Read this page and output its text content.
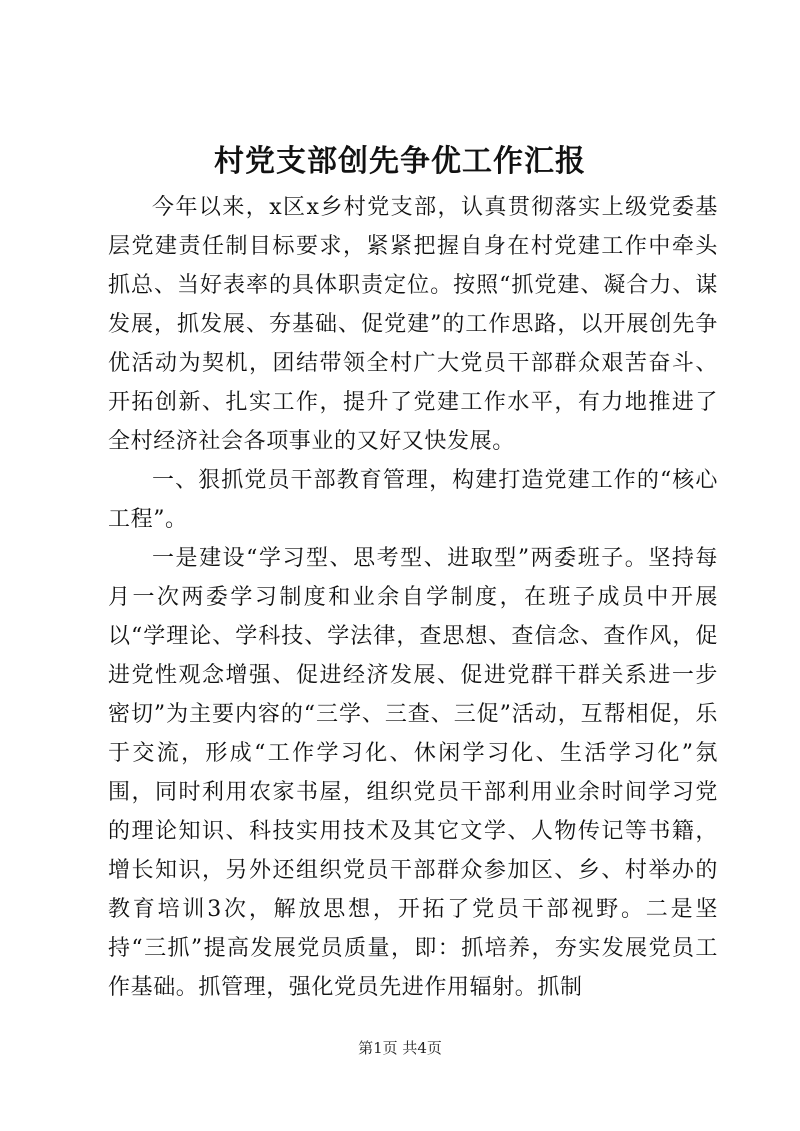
村党支部创先争优工作汇报

今年以来，x区x乡村党支部，认真贯彻落实上级党委基层党建责任制目标要求，紧紧把握自身在村党建工作中牵头抓总、当好表率的具体职责定位。按照“抓党建、凝合力、谋发展，抓发展、夯基础、促党建”的工作思路，以开展创先争优活动为契机，团结带领全村广大党员干部群众艰苦奋斗、开拓创新、扎实工作，提升了党建工作水平，有力地推进了全村经济社会各项事业的又好又快发展。

一、狠抓党员干部教育管理，构建打造党建工作的“核心工程”。

一是建设“学习型、思考型、进取型”两委班子。坚持每月一次两委学习制度和业余自学制度，在班子成员中开展以“学理论、学科技、学法律，查思想、查信念、查作风，促进党性观念增强、促进经济发展、促进党群干群关系进一步密切”为主要内容的“三学、三查、三促”活动，互帮相促，乐于交流，形成“工作学习化、休闲学习化、生活学习化”氛围，同时利用农家书屋，组织党员干部利用业余时间学习党的理论知识、科技实用技术及其它文学、人物传记等书籍，增长知识，另外还组织党员干部群众参加区、乡、村举办的教育培训3次，解放思想，开拓了党员干部视野。二是坚持“三抓”提高发展党员质量，即：抓培养，夯实发展党员工作基础。抓管理，强化党员先进作用辐射。抓制

第1页 共4页
